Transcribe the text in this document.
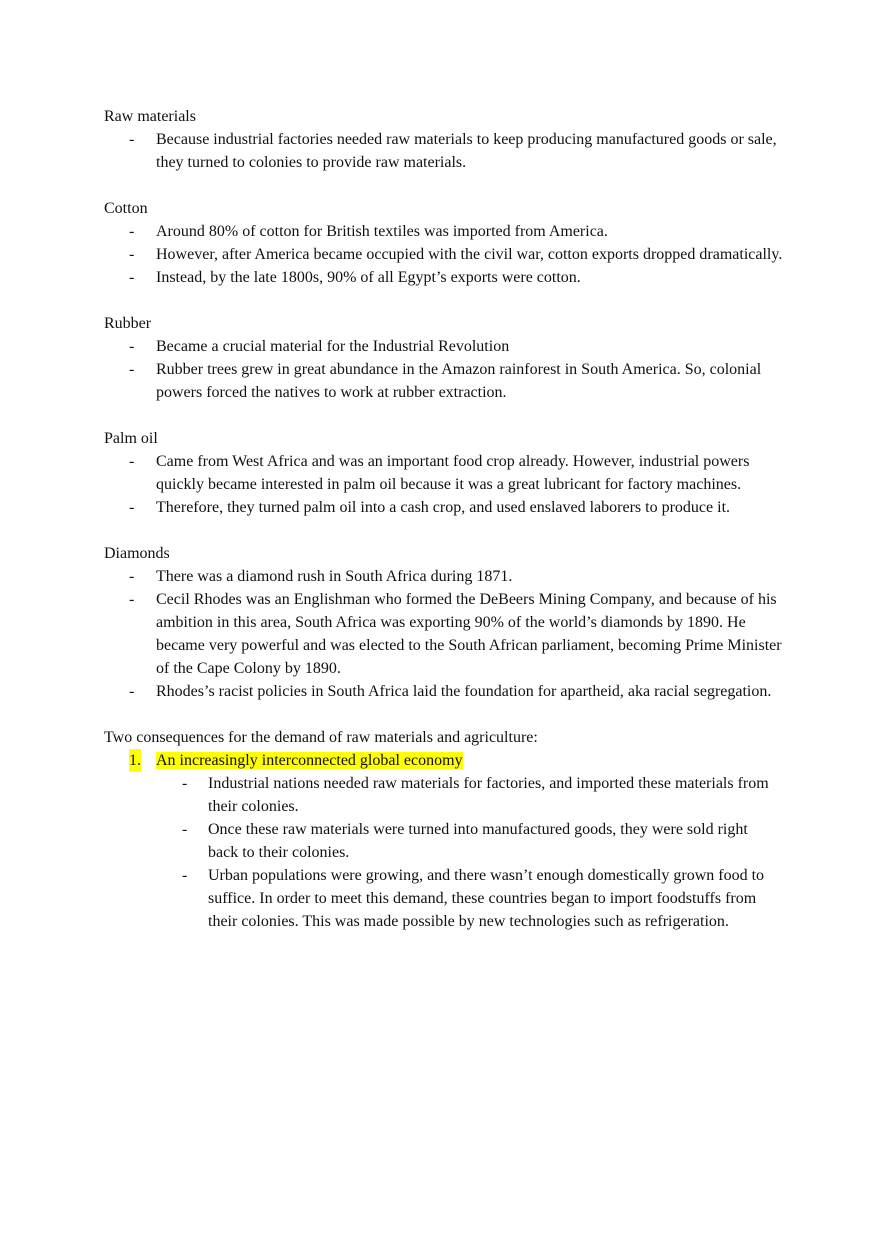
Raw materials
- Because industrial factories needed raw materials to keep producing manufactured goods or sale, they turned to colonies to provide raw materials.
Cotton
- Around 80% of cotton for British textiles was imported from America.
- However, after America became occupied with the civil war, cotton exports dropped dramatically.
- Instead, by the late 1800s, 90% of all Egypt’s exports were cotton.
Rubber
- Became a crucial material for the Industrial Revolution
- Rubber trees grew in great abundance in the Amazon rainforest in South America. So, colonial powers forced the natives to work at rubber extraction.
Palm oil
- Came from West Africa and was an important food crop already. However, industrial powers quickly became interested in palm oil because it was a great lubricant for factory machines.
- Therefore, they turned palm oil into a cash crop, and used enslaved laborers to produce it.
Diamonds
- There was a diamond rush in South Africa during 1871.
- Cecil Rhodes was an Englishman who formed the DeBeers Mining Company, and because of his ambition in this area, South Africa was exporting 90% of the world’s diamonds by 1890. He became very powerful and was elected to the South African parliament, becoming Prime Minister of the Cape Colony by 1890.
- Rhodes’s racist policies in South Africa laid the foundation for apartheid, aka racial segregation.
Two consequences for the demand of raw materials and agriculture:
1. An increasingly interconnected global economy
- Industrial nations needed raw materials for factories, and imported these materials from their colonies.
- Once these raw materials were turned into manufactured goods, they were sold right back to their colonies.
- Urban populations were growing, and there wasn’t enough domestically grown food to suffice. In order to meet this demand, these countries began to import foodstuffs from their colonies. This was made possible by new technologies such as refrigeration.
